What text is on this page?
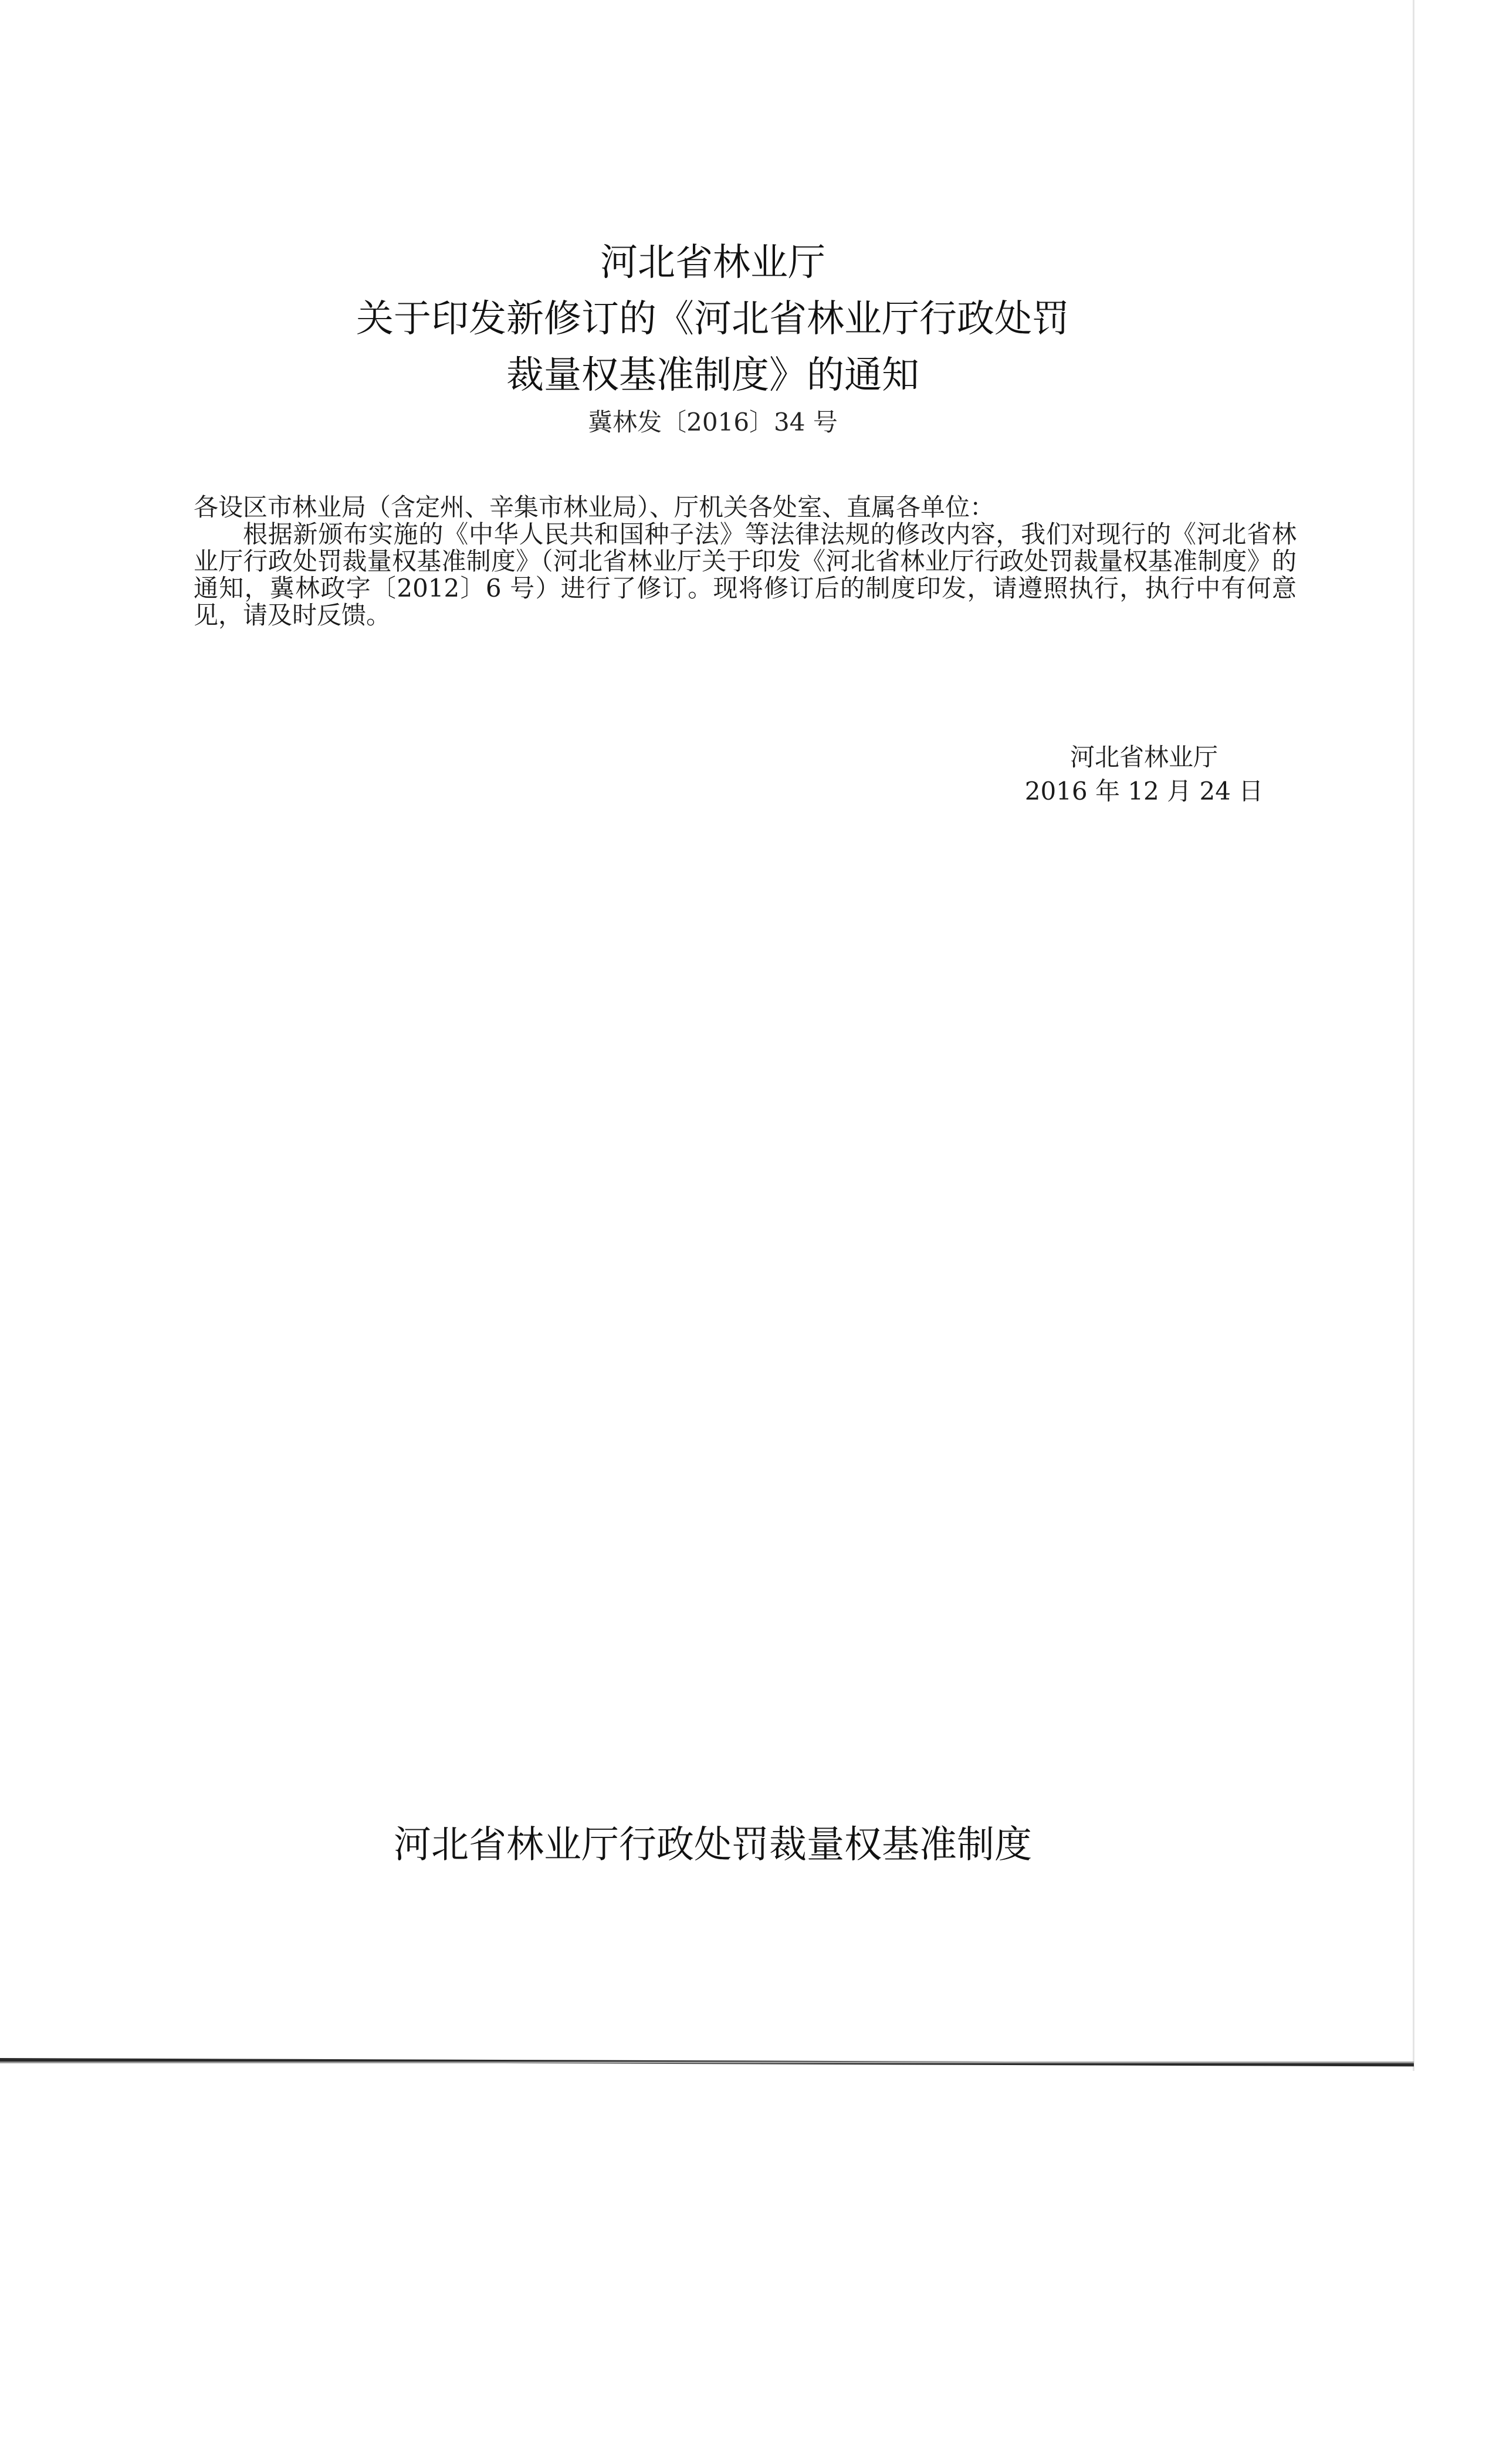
河北省林业厅
关于印发新修订的《河北省林业厅行政处罚
裁量权基准制度》的通知
冀林发〔2016〕34 号

各设区市林业局（含定州、辛集市林业局）、厅机关各处室、直属各单位：

根据新颁布实施的《中华人民共和国种子法》等法律法规的修改内容，我们对现行的《河北省林业厅行政处罚裁量权基准制度》（河北省林业厅关于印发《河北省林业厅行政处罚裁量权基准制度》的通知，冀林政字〔2012〕6 号）进行了修订。现将修订后的制度印发，请遵照执行，执行中有何意见，请及时反馈。

河北省林业厅
2016 年 12 月 24 日
河北省林业厅行政处罚裁量权基准制度
